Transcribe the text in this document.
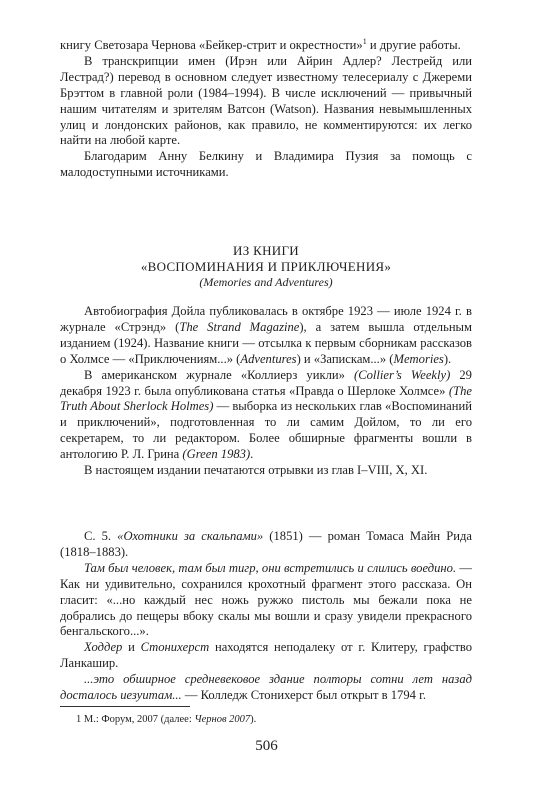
книгу Светозара Чернова «Бейкер-стрит и окрестности»$^1$ и другие работы.

В транскрипции имен (Ирэн или Айрин Адлер? Лестрейд или Лестрад?) перевод в основном следует известному телесериалу с Джереми Брэттом в главной роли (1984–1994). В числе исключений — привычный нашим читателям и зрителям Ватсон (Watson). Названия невымышленных улиц и лондонских районов, как правило, не комментируются: их легко найти на любой карте.

Благодарим Анну Белкину и Владимира Пузия за помощь с малодоступными источниками.

ИЗ КНИГИ
«ВОСПОМИНАНИЯ И ПРИКЛЮЧЕНИЯ»
(Memories and Adventures)

Автобиография Дойла публиковалась в октябре 1923 — июле 1924 г. в журнале «Стрэнд» (The Strand Magazine), а затем вышла отдельным изданием (1924). Название книги — отсылка к первым сборникам рассказов о Холмсе — «Приключениям...» (Adventures) и «Запискам...» (Memories).

В американском журнале «Коллиерз уикли» (Collier’s Weekly) 29 декабря 1923 г. была опубликована статья «Правда о Шерлоке Холмсе» (The Truth About Sherlock Holmes) — выборка из нескольких глав «Воспоминаний и приключений», подготовленная то ли самим Дойлом, то ли его секретарем, то ли редактором. Более обширные фрагменты вошли в антологию Р. Л. Грина (Green 1983).

В настоящем издании печатаются отрывки из глав I–VIII, X, XI.

С. 5. «Охотники за скальпами» (1851) — роман Томаса Майн Рида (1818–1883).

Там был человек, там был тигр, они встретились и слились воедино. — Как ни удивительно, сохранился крохотный фрагмент этого рассказа. Он гласит: «...но каждый нес ножь ружжо пистоль мы бежали пока не добрались до пещеры вбоку скалы мы вошли и сразу увидели прекрасного бенгальского...».

Ходдер и Стонихерст находятся неподалеку от г. Клитеру, графство Ланкашир.

...это обширное средневековое здание полторы сотни лет назад досталось иезуитам... — Колледж Стонихерст был открыт в 1794 г.

1 М.: Форум, 2007 (далее: Чернов 2007).
506
